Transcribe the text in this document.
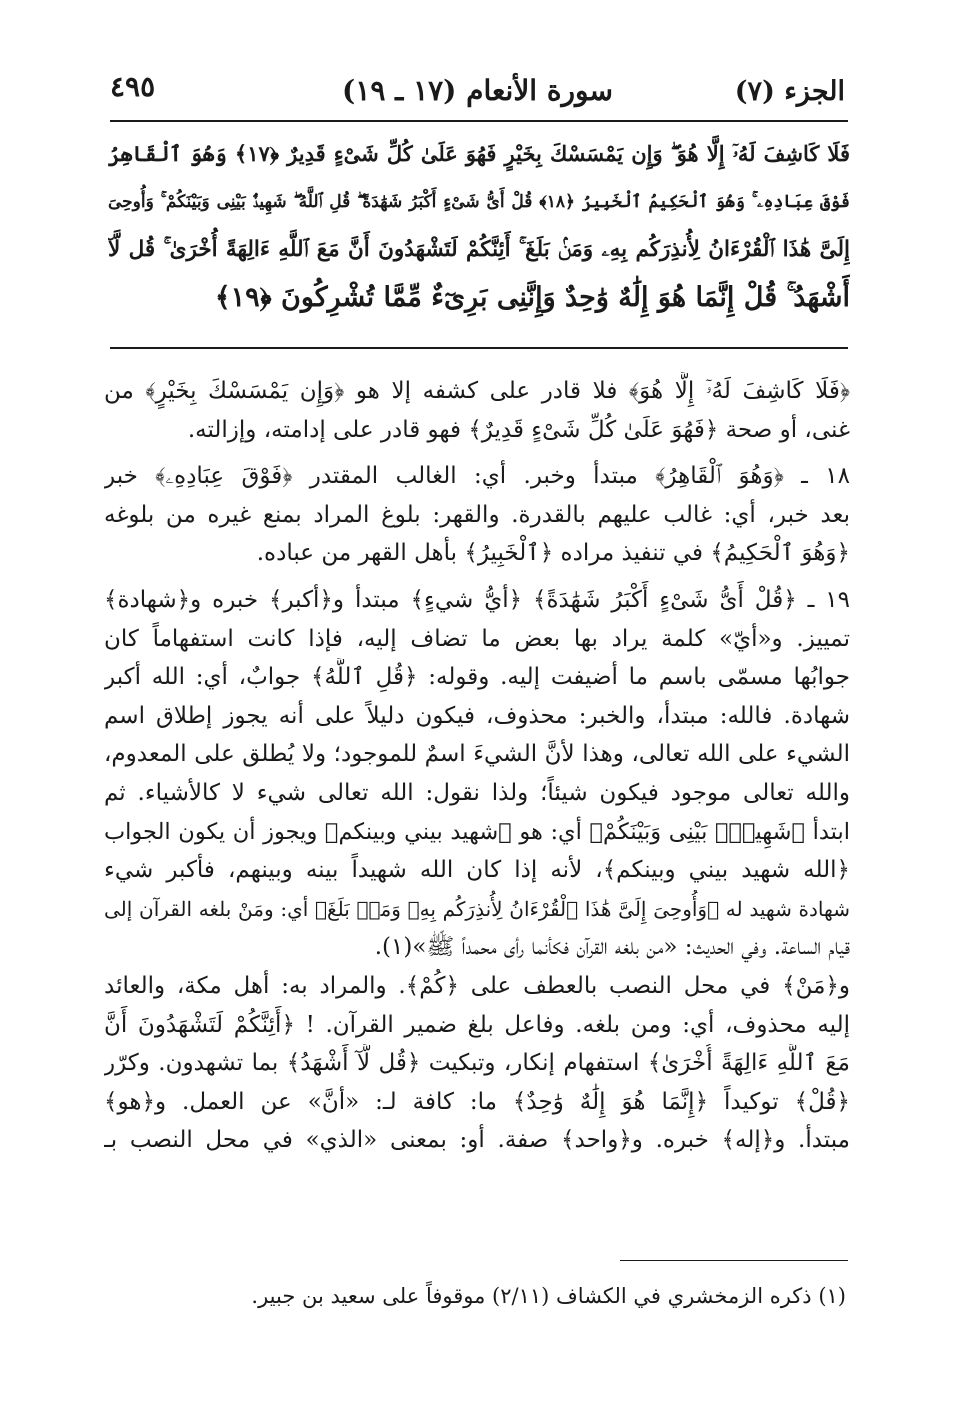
الجزء (٧)
سورة الأنعام (١٧ ـ ١٩)
٤٩٥
فَلَا كَاشِفَ لَهُۥٓ إِلَّا هُوَ ۖ وَإِن يَمْسَسْكَ بِخَيْرٍ فَهُوَ عَلَىٰ كُلِّ شَىْءٍ قَدِيرٌ ﴿١٧﴾ وَهُوَ ٱلْقَاهِرُ
فَوْقَ عِبَادِهِۦ ۚ وَهُوَ ٱلْحَكِيمُ ٱلْخَبِيرُ ﴿١٨﴾ قُلْ أَىُّ شَىْءٍ أَكْبَرُ شَهَٰدَةً ۖ قُلِ ٱللَّهُ ۖ شَهِيدٌۢ بَيْنِى وَبَيْنَكُمْ ۚ وَأُوحِىَ
إِلَىَّ هَٰذَا ٱلْقُرْءَانُ لِأُنذِرَكُم بِهِۦ وَمَنۢ بَلَغَ ۚ أَئِنَّكُمْ لَتَشْهَدُونَ أَنَّ مَعَ ٱللَّهِ ءَالِهَةً أُخْرَىٰ ۚ قُل لَّآ
أَشْهَدُ ۚ قُلْ إِنَّمَا هُوَ إِلَٰهٌ وَٰحِدٌ وَإِنَّنِى بَرِىٓءٌ مِّمَّا تُشْرِكُونَ ﴿١٩﴾
﴿فَلَا كَاشِفَ لَهُۥٓ إِلَّا هُوَ﴾ فلا قادر على كشفه إلا هو ﴿وَإِن يَمْسَسْكَ بِخَيْرٍ﴾ من
غنى، أو صحة ﴿فَهُوَ عَلَىٰ كُلِّ شَىْءٍ قَدِيرٌ﴾ فهو قادر على إدامته، وإزالته.
١٨ ـ ﴿وَهُوَ ٱلْقَاهِرُ﴾ مبتدأ وخبر. أي: الغالب المقتدر ﴿فَوْقَ عِبَادِهِۦ﴾ خبر
بعد خبر، أي: غالب عليهم بالقدرة. والقهر: بلوغ المراد بمنع غيره من بلوغه
﴿وَهُوَ ٱلْحَكِيمُ﴾ في تنفيذ مراده ﴿ٱلْخَبِيرُ﴾ بأهل القهر من عباده.
١٩ ـ ﴿قُلْ أَىُّ شَىْءٍ أَكْبَرُ شَهَٰدَةً﴾ ﴿أيُّ شيءٍ﴾ مبتدأ و﴿أكبر﴾ خبره و﴿شهادة﴾
تمييز. و«أيّ» كلمة يراد بها بعض ما تضاف إليه، فإذا كانت استفهاماً كان
جوابُها مسمّى باسم ما أضيفت إليه. وقوله: ﴿قُلِ ٱللَّهُ﴾ جوابٌ، أي: الله أكبر
شهادة. فالله: مبتدأ، والخبر: محذوف، فيكون دليلاً على أنه يجوز إطلاق اسم
الشيء على الله تعالى، وهذا لأنَّ الشيءَ اسمٌ للموجود؛ ولا يُطلق على المعدوم،
والله تعالى موجود فيكون شيئاً؛ ولذا نقول: الله تعالى شيء لا كالأشياء. ثم
ابتدأ ﴿شَهِيدٌۢ بَيْنِى وَبَيْنَكُمْ﴾ أي: هو ﴿شهيد بيني وبينكم﴾ ويجوز أن يكون الجواب
﴿الله شهيد بيني وبينكم﴾، لأنه إذا كان الله شهيداً بينه وبينهم، فأكبر شيء
شهادة شهيد له ﴿وَأُوحِىَ إِلَىَّ هَٰذَا ٱلْقُرْءَانُ لِأُنذِرَكُم بِهِۦ وَمَنۢ بَلَغَ﴾ أي: ومَنْ بلغه القرآن إلى
قيام الساعة. وفي الحديث: «من بلغه القرآن فكأنما رأى محمداً ﷺ»(١).
و﴿مَنْ﴾ في محل النصب بالعطف على ﴿كُمْ﴾. والمراد به: أهل مكة، والعائد
إليه محذوف، أي: ومن بلغه. وفاعل بلغ ضمير القرآن. ! ﴿أَئِنَّكُمْ لَتَشْهَدُونَ أَنَّ
مَعَ ٱللَّهِ ءَالِهَةً أُخْرَىٰ﴾ استفهام إنكار، وتبكيت ﴿قُل لَّآ أَشْهَدُ﴾ بما تشهدون. وكرّر
﴿قُلْ﴾ توكيداً ﴿إِنَّمَا هُوَ إِلَٰهٌ وَٰحِدٌ﴾ ما: كافة لـ: «أنَّ» عن العمل. و﴿هو﴾
مبتدأ. و﴿إله﴾ خبره. و﴿واحد﴾ صفة. أو: بمعنى «الذي» في محل النصب بـ
(١) ذكره الزمخشري في الكشاف (٢/١١) موقوفاً على سعيد بن جبير.
